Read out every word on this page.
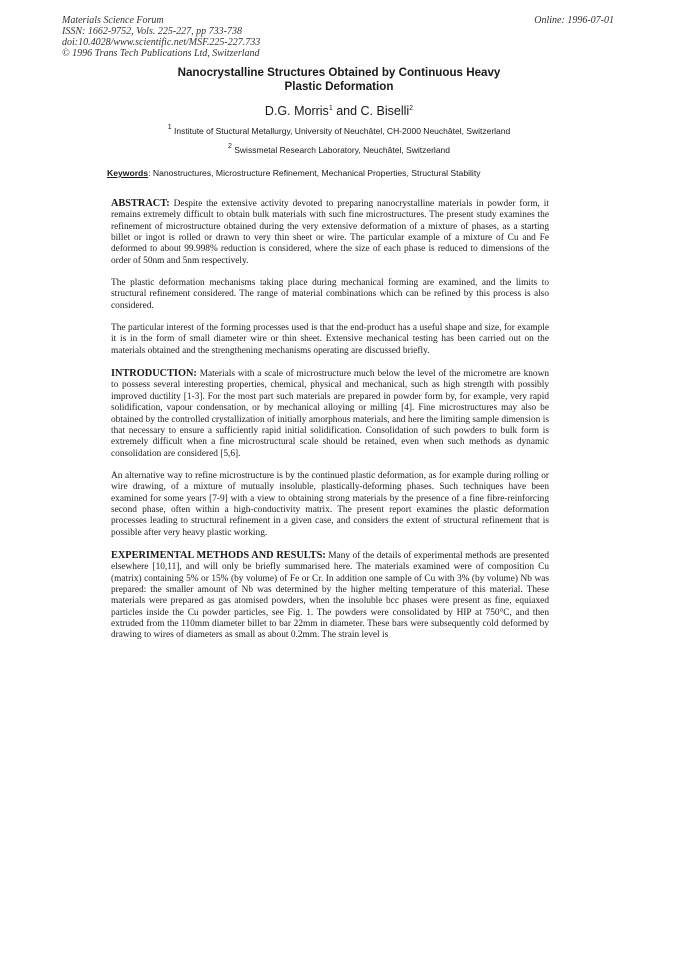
Materials Science Forum
ISSN: 1662-9752, Vols. 225-227, pp 733-738
doi:10.4028/www.scientific.net/MSF.225-227.733
© 1996 Trans Tech Publications Ltd, Switzerland
Online: 1996-07-01
Nanocrystalline Structures Obtained by Continuous Heavy
Plastic Deformation
D.G. Morris$^1$ and C. Biselli$^2$
$^1$ Institute of Stuctural Metallurgy, University of Neuchâtel, CH-2000 Neuchâtel, Switzerland
$^2$ Swissmetal Research Laboratory, Neuchâtel, Switzerland
Keywords: Nanostructures, Microstructure Refinement, Mechanical Properties, Structural Stability

ABSTRACT: Despite the extensive activity devoted to preparing nanocrystalline materials in powder form, it remains extremely difficult to obtain bulk materials with such fine microstructures. The present study examines the refinement of microstructure obtained during the very extensive deformation of a mixture of phases, as a starting billet or ingot is rolled or drawn to very thin sheet or wire. The particular example of a mixture of Cu and Fe deformed to about 99.998% reduction is considered, where the size of each phase is reduced to dimensions of the order of 50nm and 5nm respectively.

The plastic deformation mechanisms taking place during mechanical forming are examined, and the limits to structural refinement considered. The range of material combinations which can be refined by this process is also considered.

The particular interest of the forming processes used is that the end-product has a useful shape and size, for example it is in the form of small diameter wire or thin sheet. Extensive mechanical testing has been carried out on the materials obtained and the strengthening mechanisms operating are discussed briefly.

INTRODUCTION: Materials with a scale of microstructure much below the level of the micrometre are known to possess several interesting properties, chemical, physical and mechanical, such as high strength with possibly improved ductility [1-3]. For the most part such materials are prepared in powder form by, for example, very rapid solidification, vapour condensation, or by mechanical alloying or milling [4]. Fine microstructures may also be obtained by the controlled crystallization of initially amorphous materials, and here the limiting sample dimension is that necessary to ensure a sufficiently rapid initial solidification. Consolidation of such powders to bulk form is extremely difficult when a fine microstructural scale should be retained, even when such methods as dynamic consolidation are considered [5,6].

An alternative way to refine microstructure is by the continued plastic deformation, as for example during rolling or wire drawing, of a mixture of mutually insoluble, plastically-deforming phases. Such techniques have been examined for some years [7-9] with a view to obtaining strong materials by the presence of a fine fibre-reinforcing second phase, often within a high-conductivity matrix. The present report examines the plastic deformation processes leading to structural refinement in a given case, and considers the extent of structural refinement that is possible after very heavy plastic working.

EXPERIMENTAL METHODS AND RESULTS: Many of the details of experimental methods are presented elsewhere [10,11], and will only be briefly summarised here. The materials examined were of composition Cu (matrix) containing 5% or 15% (by volume) of Fe or Cr. In addition one sample of Cu with 3% (by volume) Nb was prepared: the smaller amount of Nb was determined by the higher melting temperature of this material. These materials were prepared as gas atomised powders, when the insoluble bcc phases were present as fine, equiaxed particles inside the Cu powder particles, see Fig. 1. The powders were consolidated by HIP at 750°C, and then extruded from the 110mm diameter billet to bar 22mm in diameter. These bars were subsequently cold deformed by drawing to wires of diameters as small as about 0.2mm. The strain level is
